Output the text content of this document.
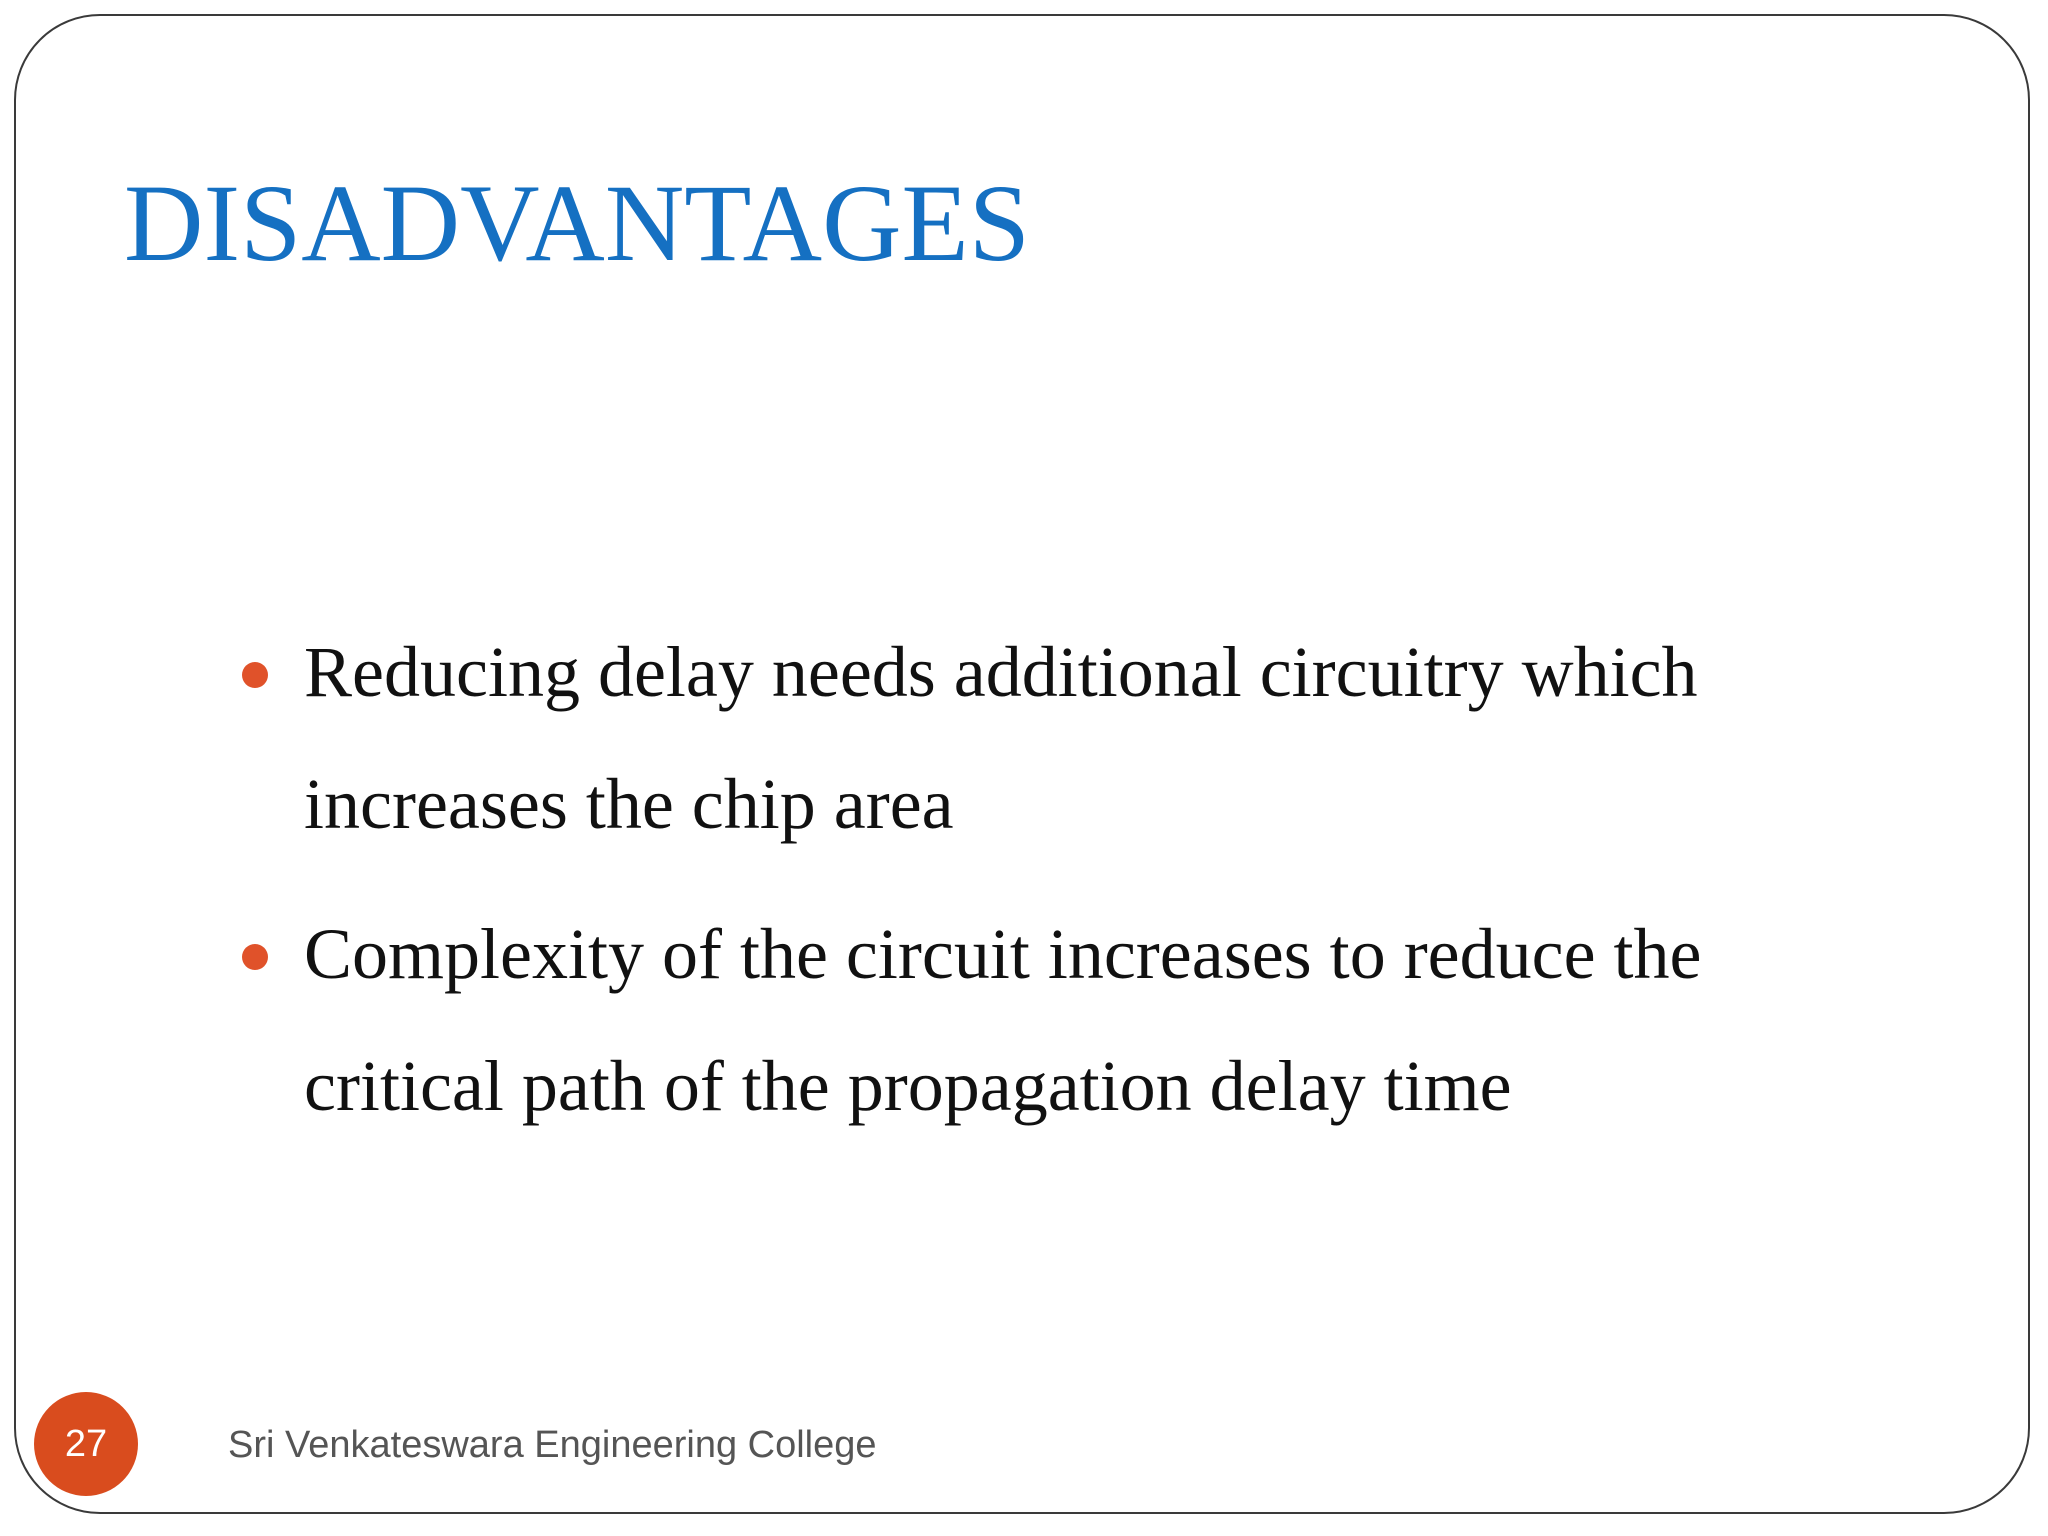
DISADVANTAGES
Reducing delay needs additional circuitry which increases the chip area
Complexity of the circuit increases to reduce the critical path of the propagation delay time
27	Sri Venkateswara Engineering College
